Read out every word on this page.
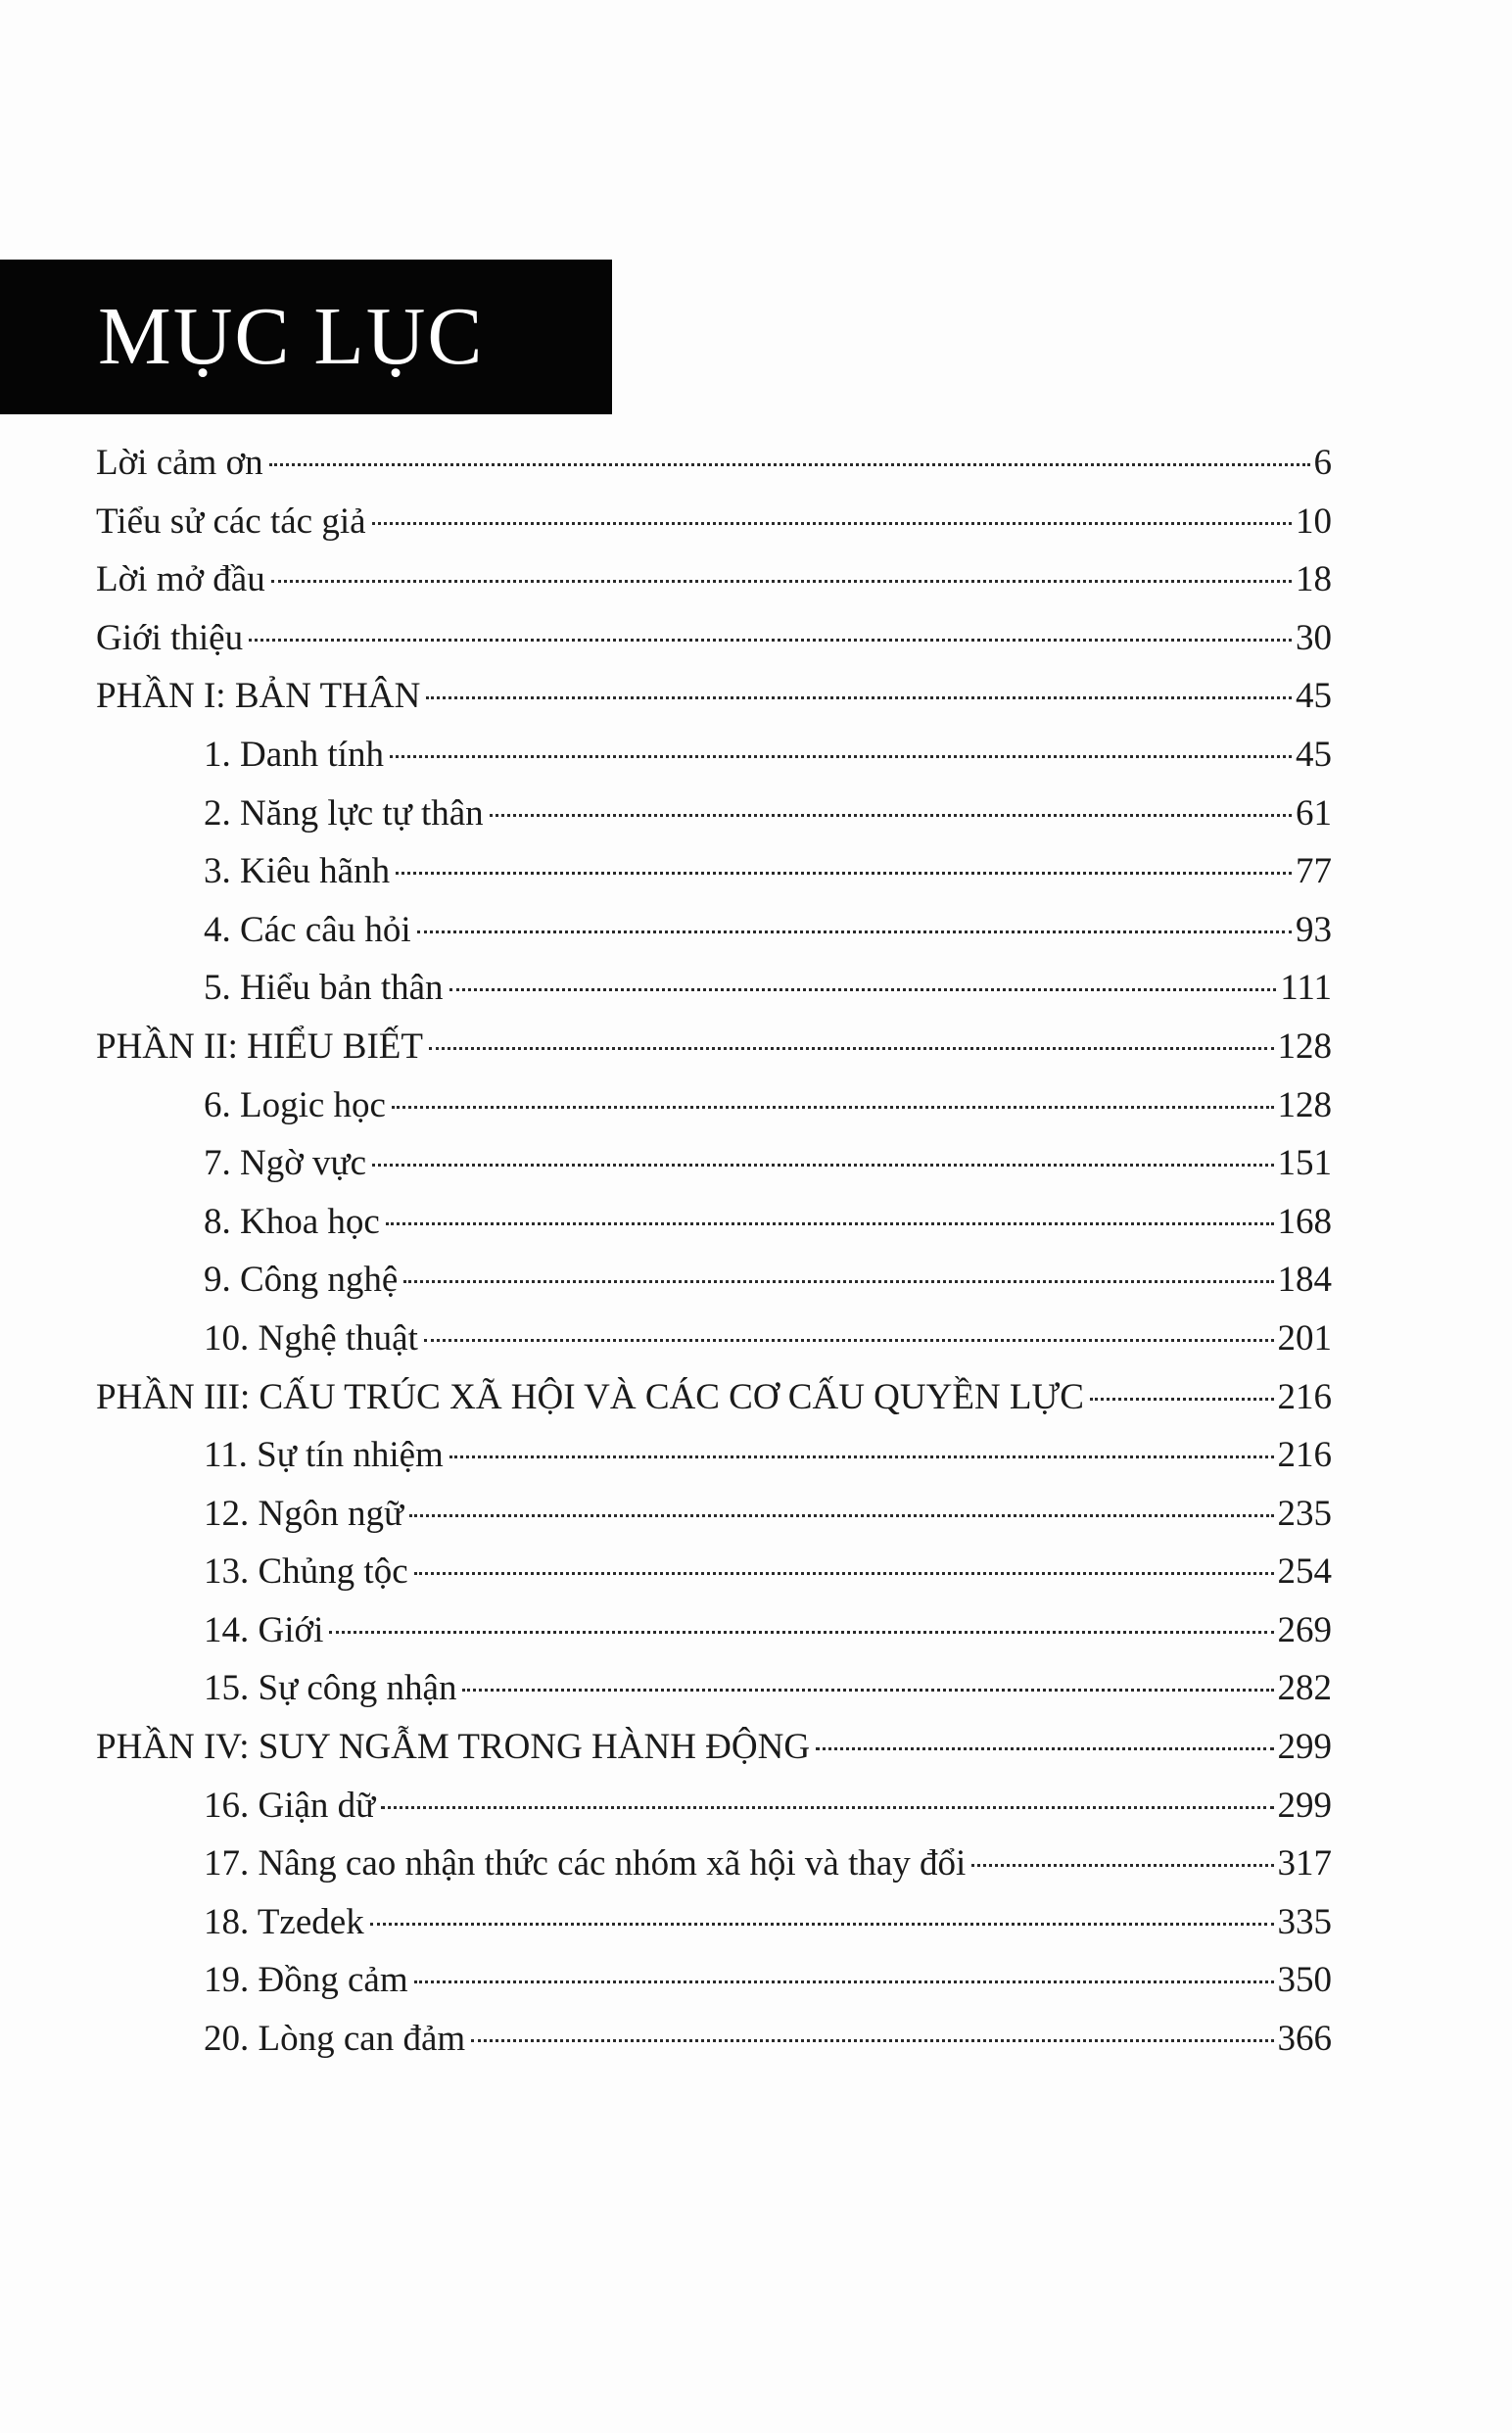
MỤC LỤC
Lời cảm ơn	6
Tiểu sử các tác giả	10
Lời mở đầu	18
Giới thiệu	30
PHẦN I: BẢN THÂN	45
1. Danh tính	45
2. Năng lực tự thân	61
3. Kiêu hãnh	77
4. Các câu hỏi	93
5. Hiểu bản thân	111
PHẦN II: HIỂU BIẾT	128
6. Logic học	128
7. Ngờ vực	151
8. Khoa học	168
9. Công nghệ	184
10. Nghệ thuật	201
PHẦN III: CẤU TRÚC XÃ HỘI VÀ CÁC CƠ CẤU QUYỀN LỰC	216
11. Sự tín nhiệm	216
12. Ngôn ngữ	235
13. Chủng tộc	254
14. Giới	269
15. Sự công nhận	282
PHẦN IV: SUY NGẪM TRONG HÀNH ĐỘNG	299
16. Giận dữ	299
17. Nâng cao nhận thức các nhóm xã hội và thay đổi	317
18. Tzedek	335
19. Đồng cảm	350
20. Lòng can đảm	366
